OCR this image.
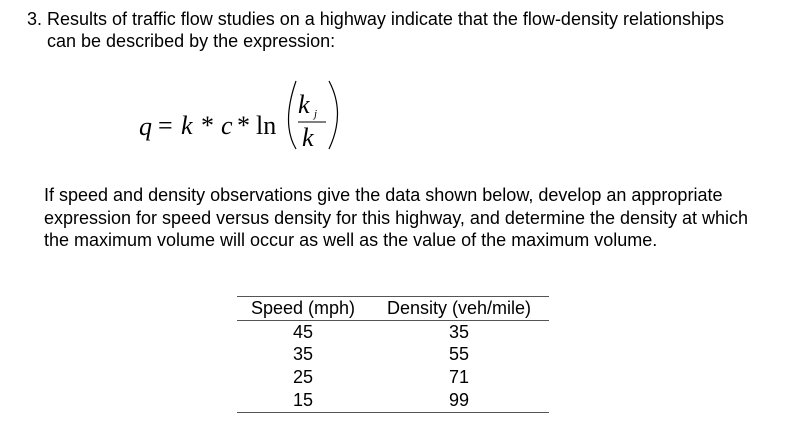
3. Results of traffic flow studies on a highway indicate that the flow-density relationships can be described by the expression:
q = k * c * ln
k j
k
If speed and density observations give the data shown below, develop an appropriate expression for speed versus density for this highway, and determine the density at which the maximum volume will occur as well as the value of the maximum volume.
Speed (mph)	Density (veh/mile)
45	35
35	55
25	71
15	99
